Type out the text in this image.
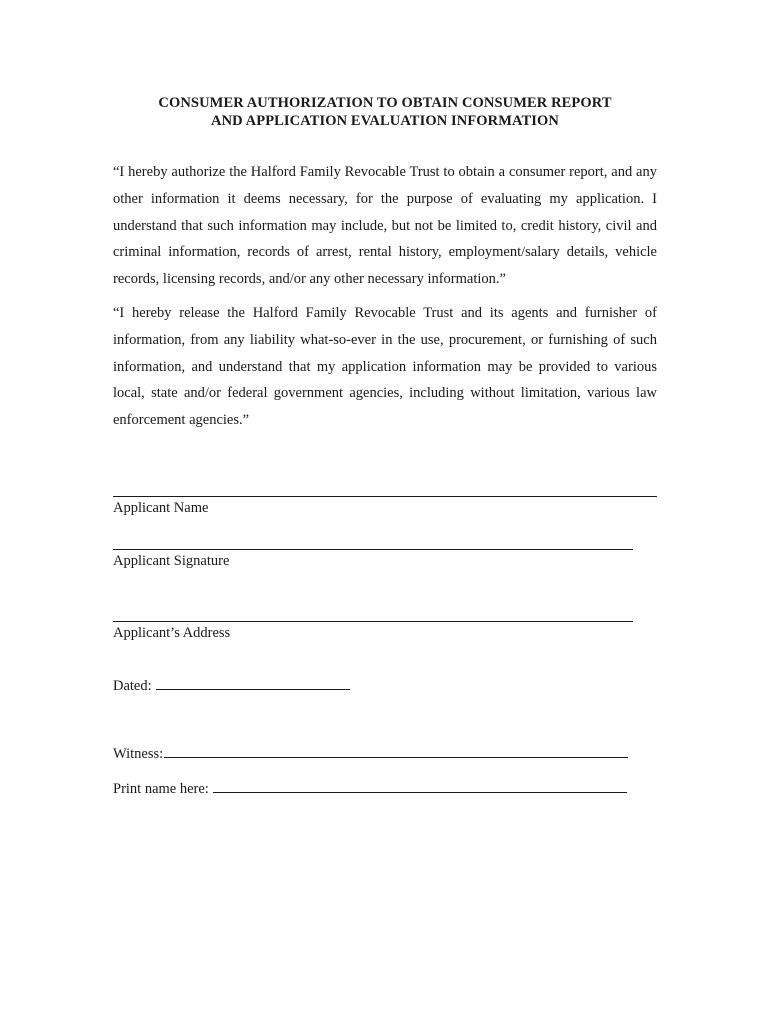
CONSUMER AUTHORIZATION TO OBTAIN CONSUMER REPORT
AND APPLICATION EVALUATION INFORMATION

“I hereby authorize the Halford Family Revocable Trust to obtain a consumer report, and any other information it deems necessary, for the purpose of evaluating my application. I understand that such information may include, but not be limited to, credit history, civil and criminal information, records of arrest, rental history, employment/salary details, vehicle records, licensing records, and/or any other necessary information.”

“I hereby release the Halford Family Revocable Trust and its agents and furnisher of information, from any liability what-so-ever in the use, procurement, or furnishing of such information, and understand that my application information may be provided to various local, state and/or federal government agencies, including without limitation, various law enforcement agencies.”

Applicant Name
Applicant Signature
Applicant’s Address
Dated:
Witness:
Print name here:
